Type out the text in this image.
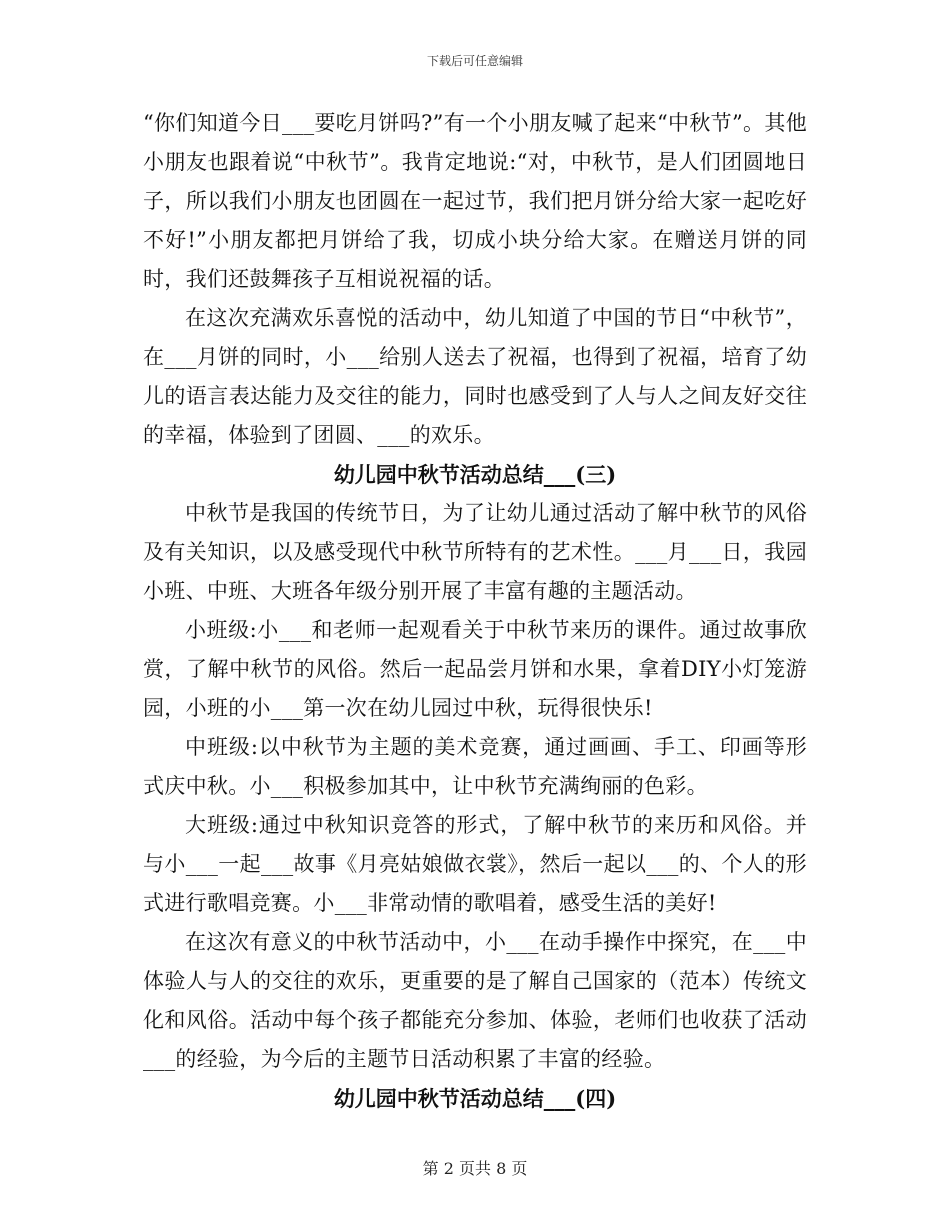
下载后可任意编辑

“你们知道今日___要吃月饼吗?”有一个小朋友喊了起来“中秋节”。其他小朋友也跟着说“中秋节”。我肯定地说:“对，中秋节，是人们团圆地日子，所以我们小朋友也团圆在一起过节，我们把月饼分给大家一起吃好不好!”小朋友都把月饼给了我，切成小块分给大家。在赠送月饼的同时，我们还鼓舞孩子互相说祝福的话。

在这次充满欢乐喜悦的活动中，幼儿知道了中国的节日“中秋节”，在___月饼的同时，小___给别人送去了祝福，也得到了祝福，培育了幼儿的语言表达能力及交往的能力，同时也感受到了人与人之间友好交往的幸福，体验到了团圆、___的欢乐。

幼儿园中秋节活动总结___(三)

中秋节是我国的传统节日，为了让幼儿通过活动了解中秋节的风俗及有关知识，以及感受现代中秋节所特有的艺术性。___月___日，我园小班、中班、大班各年级分别开展了丰富有趣的主题活动。

小班级:小___和老师一起观看关于中秋节来历的课件。通过故事欣赏，了解中秋节的风俗。然后一起品尝月饼和水果，拿着DIY小灯笼游园，小班的小___第一次在幼儿园过中秋，玩得很快乐!

中班级:以中秋节为主题的美术竞赛，通过画画、手工、印画等形式庆中秋。小___积极参加其中，让中秋节充满绚丽的色彩。

大班级:通过中秋知识竞答的形式，了解中秋节的来历和风俗。并与小___一起___故事《月亮姑娘做衣裳》，然后一起以___的、个人的形式进行歌唱竞赛。小___非常动情的歌唱着，感受生活的美好!

在这次有意义的中秋节活动中，小___在动手操作中探究，在___中体验人与人的交往的欢乐，更重要的是了解自己国家的（范本）传统文化和风俗。活动中每个孩子都能充分参加、体验，老师们也收获了活动___的经验，为今后的主题节日活动积累了丰富的经验。

幼儿园中秋节活动总结___(四)

第 2 页共 8 页
